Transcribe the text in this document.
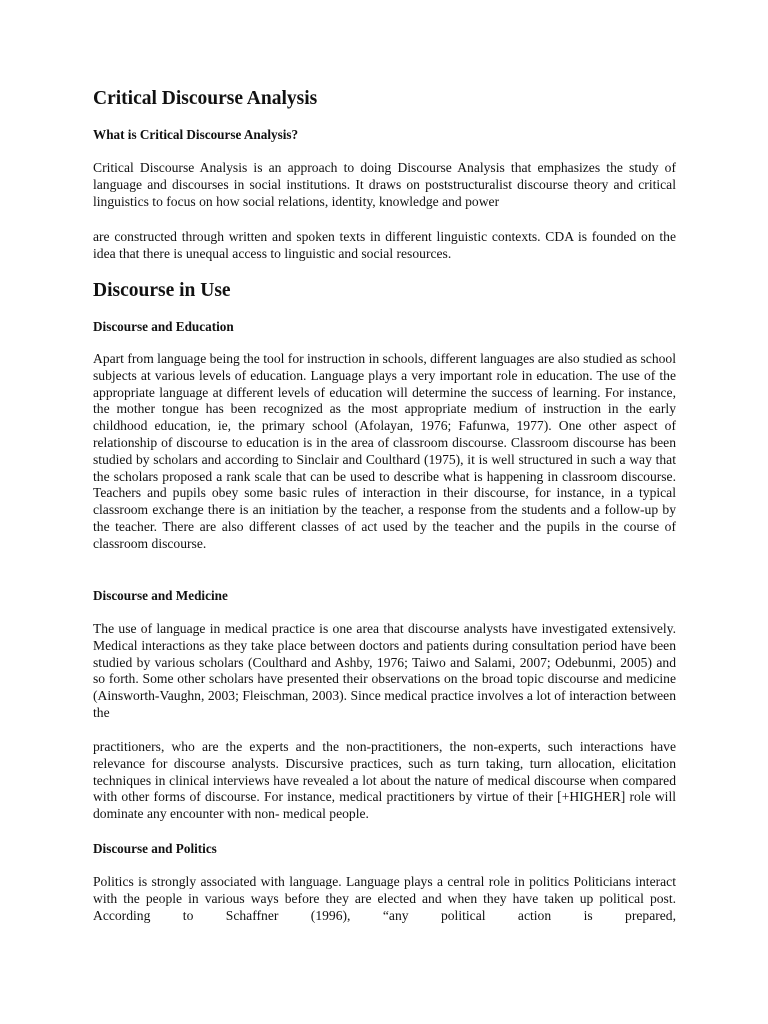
Critical Discourse Analysis
What is Critical Discourse Analysis?

Critical Discourse Analysis is an approach to doing Discourse Analysis that emphasizes the study of language and discourses in social institutions. It draws on poststructuralist discourse theory and critical linguistics to focus on how social relations, identity, knowledge and power

are constructed through written and spoken texts in different linguistic contexts. CDA is founded on the idea that there is unequal access to linguistic and social resources.

Discourse in Use
Discourse and Education

Apart from language being the tool for instruction in schools, different languages are also studied as school subjects at various levels of education. Language plays a very important role in education. The use of the appropriate language at different levels of education will determine the success of learning. For instance, the mother tongue has been recognized as the most appropriate medium of instruction in the early childhood education, ie, the primary school (Afolayan, 1976; Fafunwa, 1977). One other aspect of relationship of discourse to education is in the area of classroom discourse. Classroom discourse has been studied by scholars and according to Sinclair and Coulthard (1975), it is well structured in such a way that the scholars proposed a rank scale that can be used to describe what is happening in classroom discourse. Teachers and pupils obey some basic rules of interaction in their discourse, for instance, in a typical classroom exchange there is an initiation by the teacher, a response from the students and a follow-up by the teacher. There are also different classes of act used by the teacher and the pupils in the course of classroom discourse.

Discourse and Medicine

The use of language in medical practice is one area that discourse analysts have investigated extensively. Medical interactions as they take place between doctors and patients during consultation period have been studied by various scholars (Coulthard and Ashby, 1976; Taiwo and Salami, 2007; Odebunmi, 2005) and so forth. Some other scholars have presented their observations on the broad topic discourse and medicine (Ainsworth-Vaughn, 2003; Fleischman, 2003). Since medical practice involves a lot of interaction between the

practitioners, who are the experts and the non-practitioners, the non-experts, such interactions have relevance for discourse analysts. Discursive practices, such as turn taking, turn allocation, elicitation techniques in clinical interviews have revealed a lot about the nature of medical discourse when compared with other forms of discourse. For instance, medical practitioners by virtue of their [+HIGHER] role will dominate any encounter with non- medical people.

Discourse and Politics

Politics is strongly associated with language. Language plays a central role in politics Politicians interact with the people in various ways before they are elected and when they have taken up political post. According to Schaffner (1996), “any political action is prepared,
